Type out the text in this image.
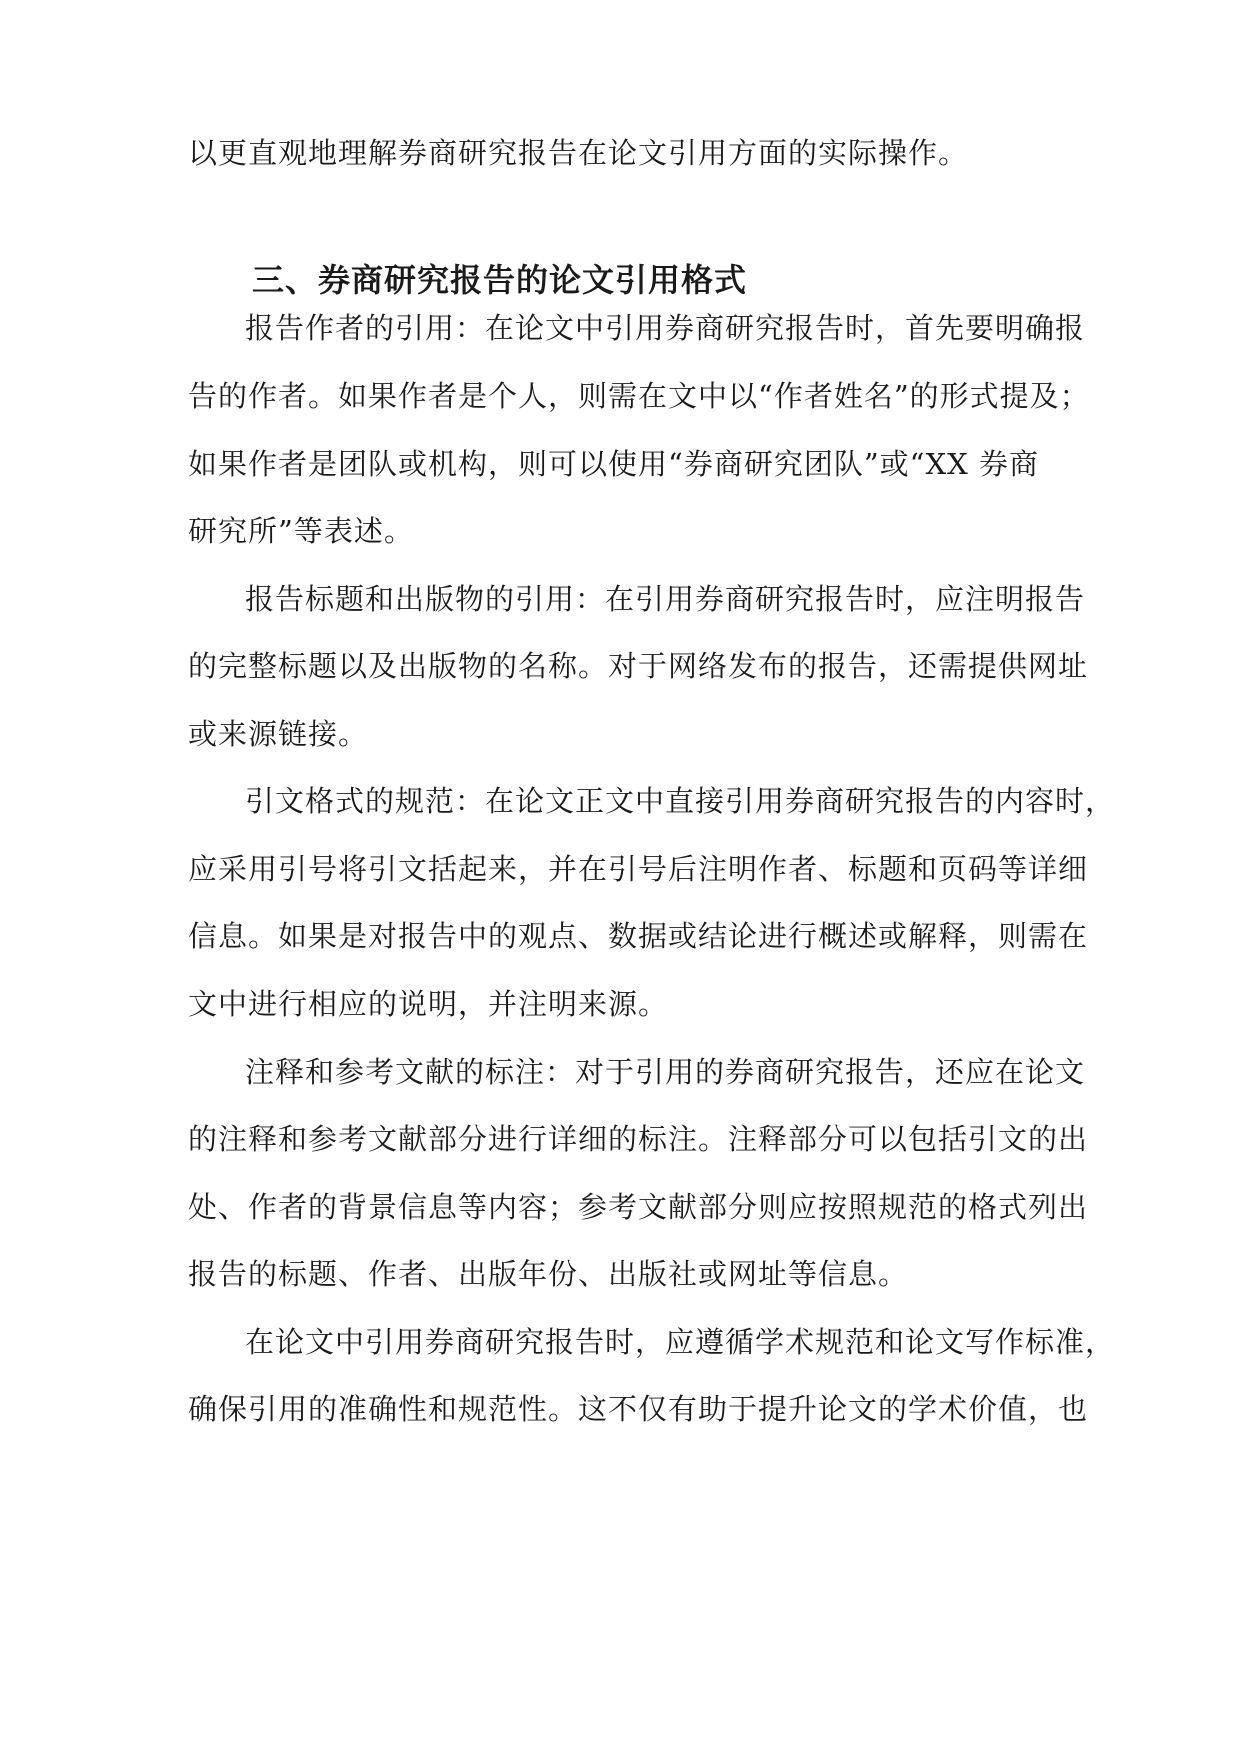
以更直观地理解券商研究报告在论文引用方面的实际操作。
三、券商研究报告的论文引用格式
报告作者的引用：在论文中引用券商研究报告时，首先要明确报
告的作者。如果作者是个人，则需在文中以“作者姓名”的形式提及；
如果作者是团队或机构，则可以使用“券商研究团队”或“XX 券商
研究所”等表述。
报告标题和出版物的引用：在引用券商研究报告时，应注明报告
的完整标题以及出版物的名称。对于网络发布的报告，还需提供网址
或来源链接。
引文格式的规范：在论文正文中直接引用券商研究报告的内容时，
应采用引号将引文括起来，并在引号后注明作者、标题和页码等详细
信息。如果是对报告中的观点、数据或结论进行概述或解释，则需在
文中进行相应的说明，并注明来源。
注释和参考文献的标注：对于引用的券商研究报告，还应在论文
的注释和参考文献部分进行详细的标注。注释部分可以包括引文的出
处、作者的背景信息等内容；参考文献部分则应按照规范的格式列出
报告的标题、作者、出版年份、出版社或网址等信息。
在论文中引用券商研究报告时，应遵循学术规范和论文写作标准，
确保引用的准确性和规范性。这不仅有助于提升论文的学术价值，也
